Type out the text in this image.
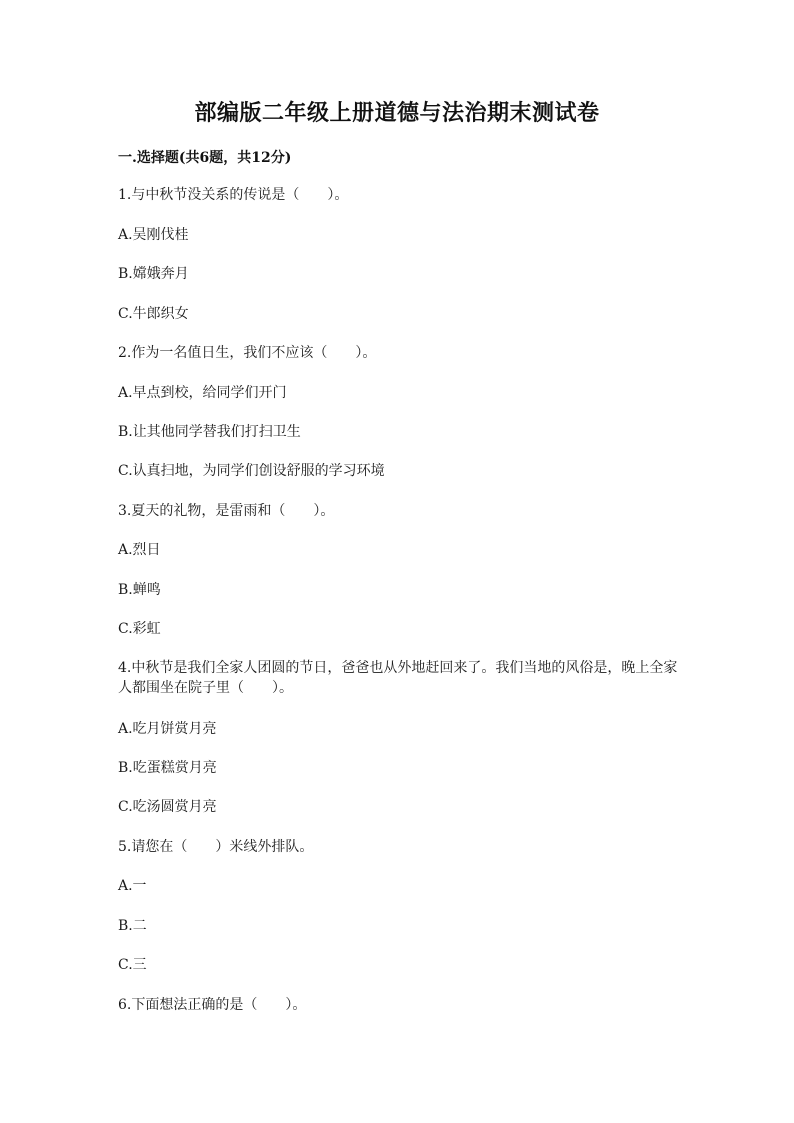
部编版二年级上册道德与法治期末测试卷
一.选择题(共6题，共12分)
1.与中秋节没关系的传说是（　　）。
A.吴刚伐桂
B.嫦娥奔月
C.牛郎织女
2.作为一名值日生，我们不应该（　　）。
A.早点到校，给同学们开门
B.让其他同学替我们打扫卫生
C.认真扫地，为同学们创设舒服的学习环境
3.夏天的礼物，是雷雨和（　　）。
A.烈日
B.蝉鸣
C.彩虹
4.中秋节是我们全家人团圆的节日，爸爸也从外地赶回来了。我们当地的风俗是，晚上全家人都围坐在院子里（　　）。
A.吃月饼赏月亮
B.吃蛋糕赏月亮
C.吃汤圆赏月亮
5.请您在（　　）米线外排队。
A.一
B.二
C.三
6.下面想法正确的是（　　）。
